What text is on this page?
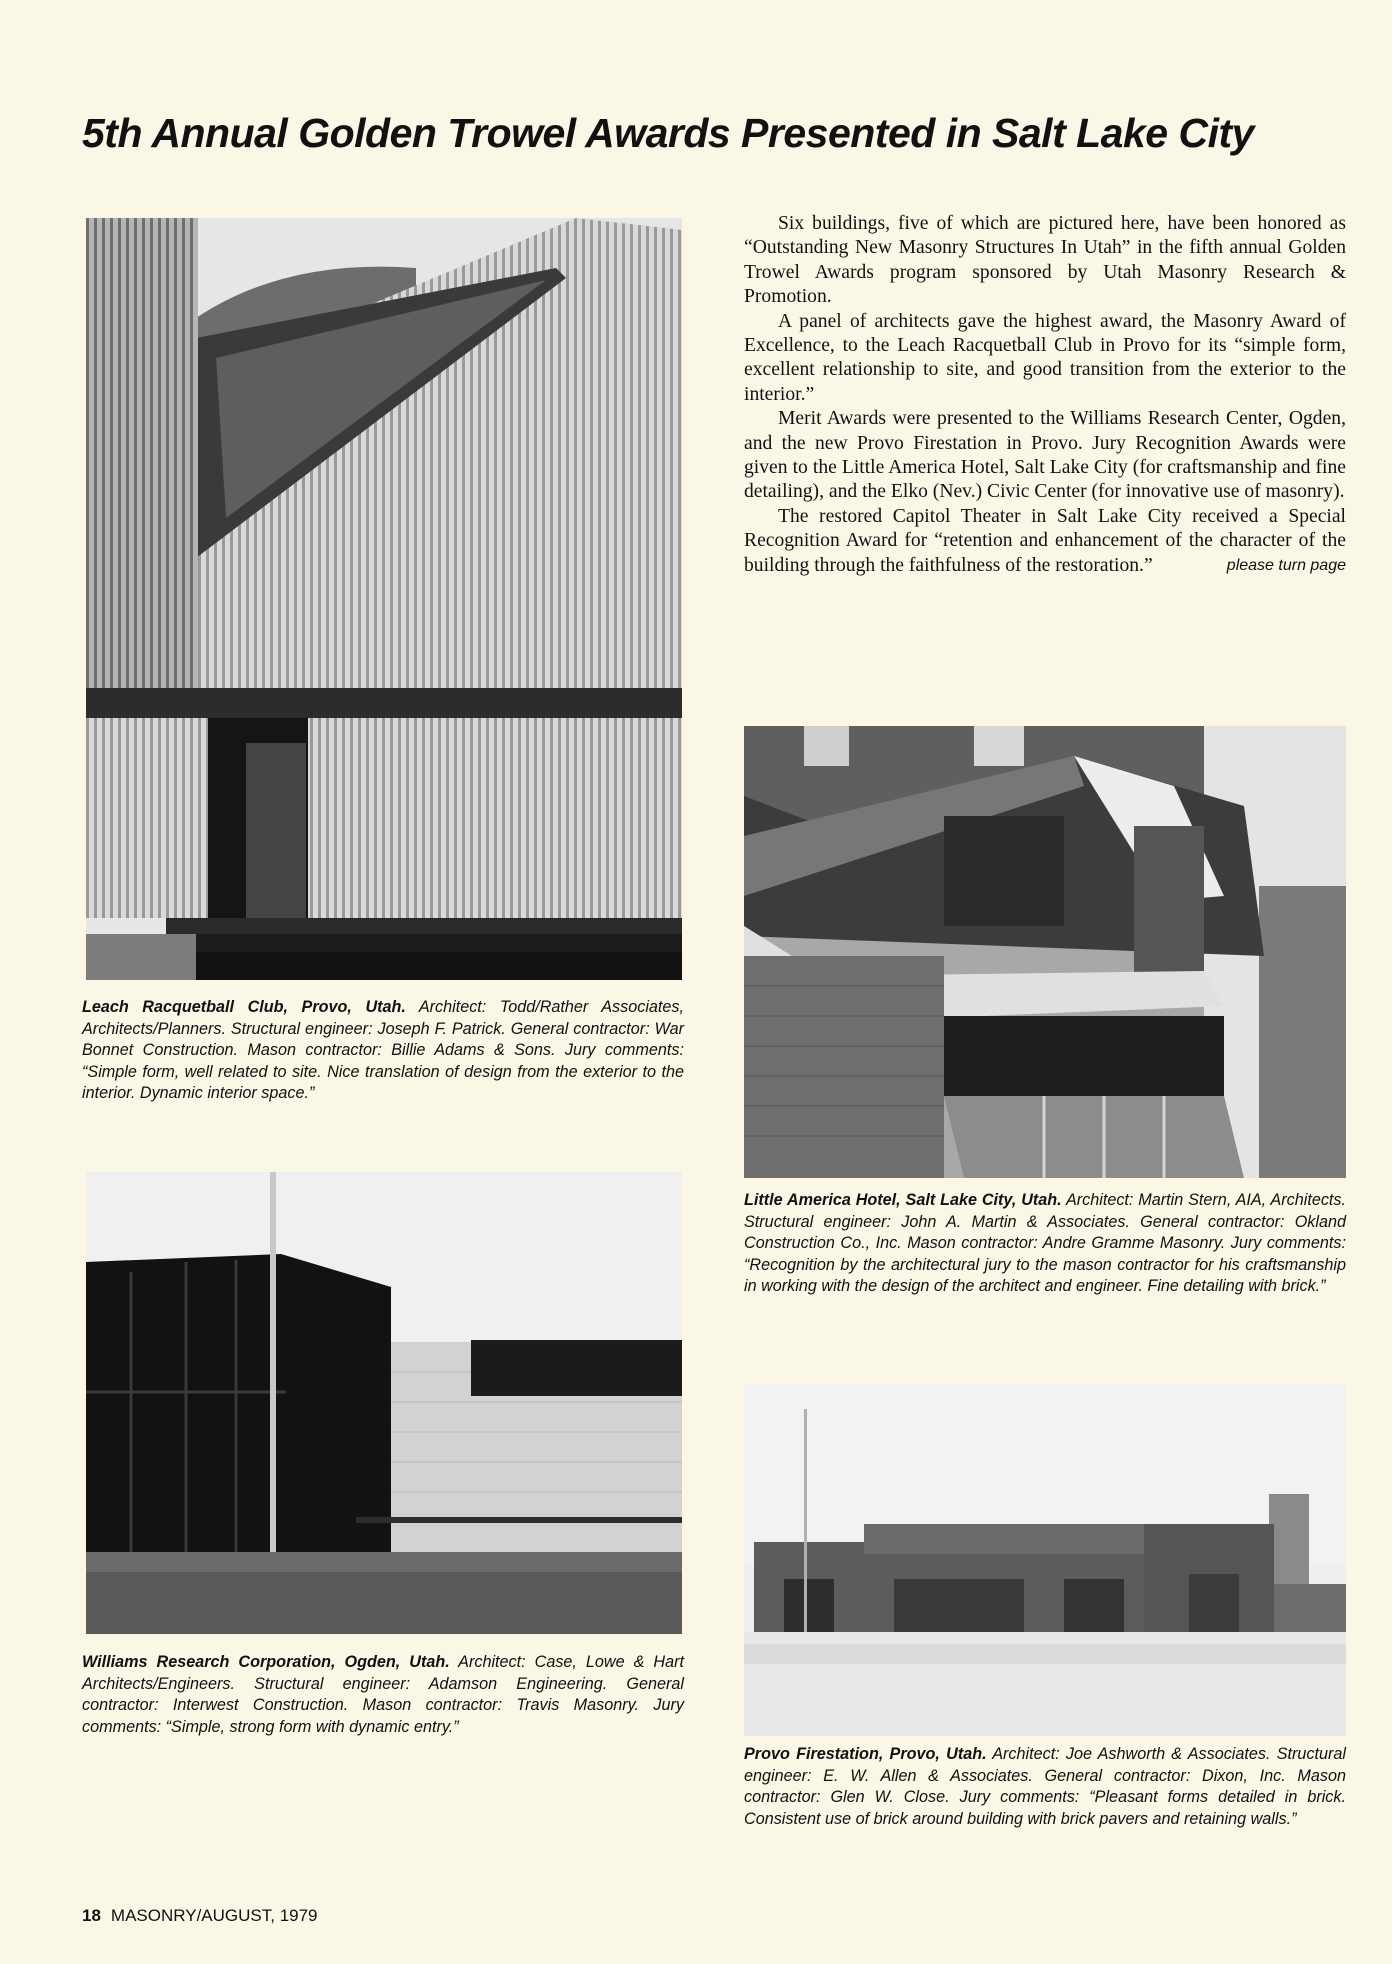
5th Annual Golden Trowel Awards Presented in Salt Lake City

Leach Racquetball Club, Provo, Utah. Architect: Todd/Rather Associates, Architects/Planners. Structural engineer: Joseph F. Patrick. General contractor: War Bonnet Construction. Mason contractor: Billie Adams & Sons. Jury comments: “Simple form, well related to site. Nice translation of design from the exterior to the interior. Dynamic interior space.”

Williams Research Corporation, Ogden, Utah. Architect: Case, Lowe & Hart Architects/Engineers. Structural engineer: Adamson Engineering. General contractor: Interwest Construction. Mason contractor: Travis Masonry. Jury comments: “Simple, strong form with dynamic entry.”

Six buildings, five of which are pictured here, have been honored as “Outstanding New Masonry Structures In Utah” in the fifth annual Golden Trowel Awards program sponsored by Utah Masonry Research & Promotion.

A panel of architects gave the highest award, the Masonry Award of Excellence, to the Leach Racquetball Club in Provo for its “simple form, excellent relationship to site, and good transition from the exterior to the interior.”

Merit Awards were presented to the Williams Research Center, Ogden, and the new Provo Firestation in Provo. Jury Recognition Awards were given to the Little America Hotel, Salt Lake City (for craftsmanship and fine detailing), and the Elko (Nev.) Civic Center (for innovative use of masonry).

The restored Capitol Theater in Salt Lake City received a Special Recognition Award for “retention and enhancement of the character of the building through the faithfulness of the restoration.”	please turn page

Little America Hotel, Salt Lake City, Utah. Architect: Martin Stern, AIA, Architects. Structural engineer: John A. Martin & Associates. General contractor: Okland Construction Co., Inc. Mason contractor: Andre Gramme Masonry. Jury comments: “Recognition by the architectural jury to the mason contractor for his craftsmanship in working with the design of the architect and engineer. Fine detailing with brick.”

Provo Firestation, Provo, Utah. Architect: Joe Ashworth & Associates. Structural engineer: E. W. Allen & Associates. General contractor: Dixon, Inc. Mason contractor: Glen W. Close. Jury comments: “Pleasant forms detailed in brick. Consistent use of brick around building with brick pavers and retaining walls.”

18 MASONRY/AUGUST, 1979
